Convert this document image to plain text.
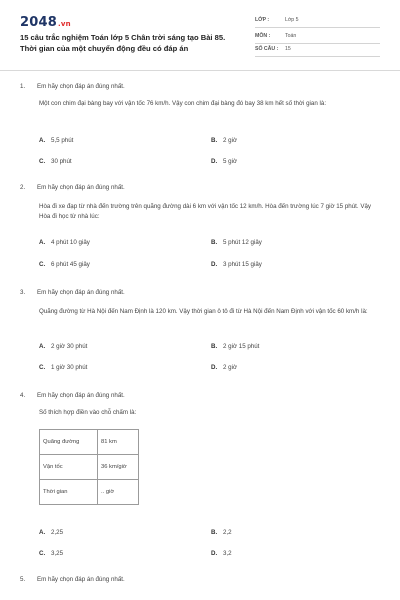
2048.vn
15 câu trắc nghiệm Toán lớp 5 Chân trời sáng tạo Bài 85. Thời gian của một chuyển động đều có đáp án
LỚP :	Lớp 5
MÔN :	Toán
SỐ CÂU : 15
1. Em hãy chọn đáp án đúng nhất.
Một con chim đại bàng bay với vận tốc 76 km/h. Vậy con chim đại bàng đó bay 38 km hết số thời gian là:
A. 5,5 phút	B. 2 giờ
C. 30 phút	D. 5 giờ
2. Em hãy chọn đáp án đúng nhất.
Hòa đi xe đạp từ nhà đến trường trên quãng đường dài 6 km với vận tốc 12 km/h. Hòa đến trường lúc 7 giờ 15 phút. Vậy Hòa đi học từ nhà lúc:
A. 4 phút 10 giây	B. 5 phút 12 giây
C. 6 phút 45 giây	D. 3 phút 15 giây
3. Em hãy chọn đáp án đúng nhất.
Quãng đường từ Hà Nội đến Nam Định là 120 km. Vậy thời gian ô tô đi từ Hà Nội đến Nam Định với vận tốc 60 km/h là:
A. 2 giờ 30 phút	B. 2 giờ 15 phút
C. 1 giờ 30 phút	D. 2 giờ
4. Em hãy chọn đáp án đúng nhất.
Số thích hợp điền vào chỗ chấm là:
Quãng đường	81 km
Vận tốc	36 km/giờ
Thời gian	.. giờ
A. 2,25	B. 2,2
C. 3,25	D. 3,2
5. Em hãy chọn đáp án đúng nhất.
